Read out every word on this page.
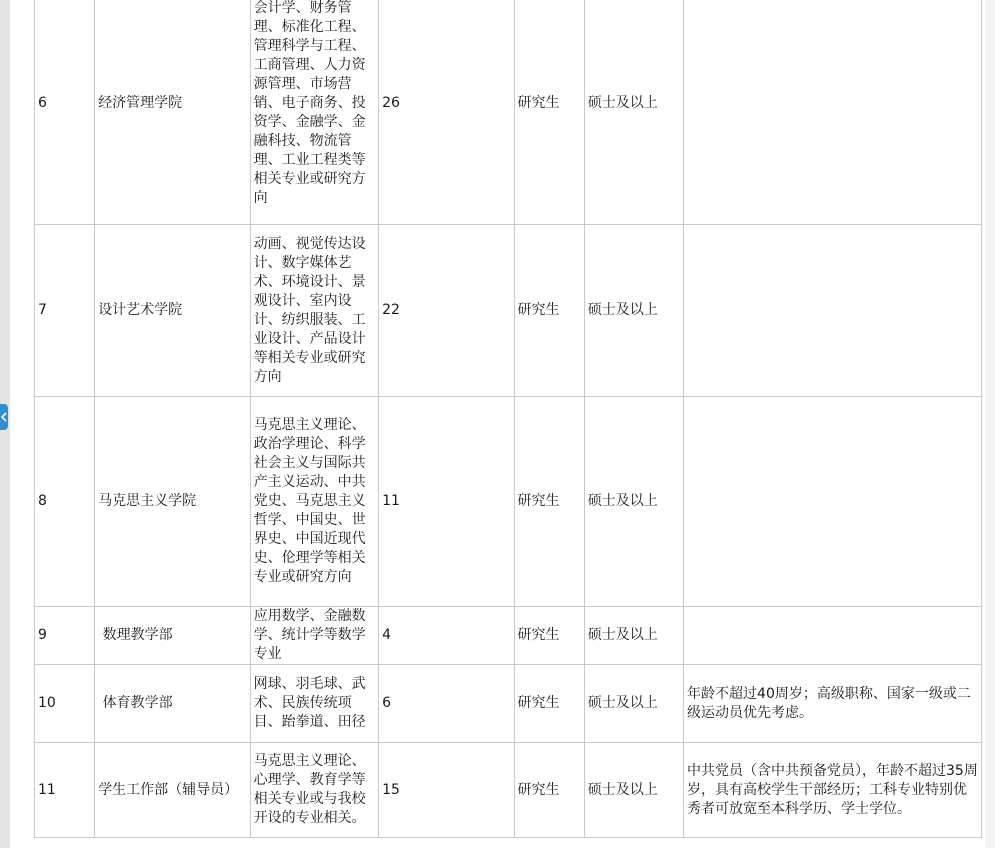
6	经济管理学院	会计学、财务管理、标准化工程、管理科学与工程、工商管理、人力资源管理、市场营销、电子商务、投资学、金融学、金融科技、物流管理、工业工程类等相关专业或研究方向	26	研究生	硕士及以上	
7	设计艺术学院	动画、视觉传达设计、数字媒体艺术、环境设计、景观设计、室内设计、纺织服装、工业设计、产品设计等相关专业或研究方向	22	研究生	硕士及以上	
8	马克思主义学院	马克思主义理论、政治学理论、科学社会主义与国际共产主义运动、中共党史、马克思主义哲学、中国史、世界史、中国近现代史、伦理学等相关专业或研究方向	11	研究生	硕士及以上	
9	数理教学部	应用数学、金融数学、统计学等数学专业	4	研究生	硕士及以上	
10	体育教学部	网球、羽毛球、武术、民族传统项目、跆拳道、田径	6	研究生	硕士及以上	年龄不超过40周岁；高级职称、国家一级或二级运动员优先考虑。
11	学生工作部（辅导员）	马克思主义理论、心理学、教育学等相关专业或与我校开设的专业相关。	15	研究生	硕士及以上	中共党员（含中共预备党员），年龄不超过35周岁，具有高校学生干部经历；工科专业特别优秀者可放宽至本科学历、学士学位。
